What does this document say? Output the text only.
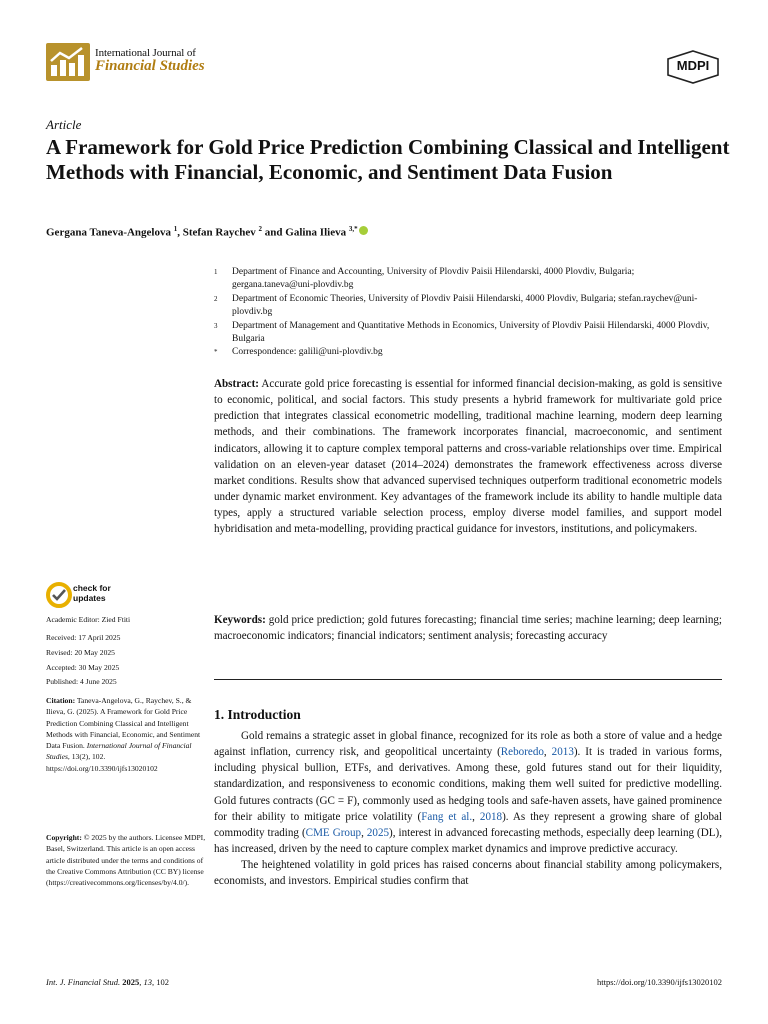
International Journal of
Financial Studies	MDPI
Article
A Framework for Gold Price Prediction Combining Classical and Intelligent Methods with Financial, Economic, and Sentiment Data Fusion
Gergana Taneva-Angelova $^1$, Stefan Raychev $^2$ and Galina Ilieva $^{3,*}$
1 Department of Finance and Accounting, University of Plovdiv Paisii Hilendarski, 4000 Plovdiv, Bulgaria; gergana.taneva@uni-plovdiv.bg
2 Department of Economic Theories, University of Plovdiv Paisii Hilendarski, 4000 Plovdiv, Bulgaria; stefan.raychev@uni-plovdiv.bg
3 Department of Management and Quantitative Methods in Economics, University of Plovdiv Paisii Hilendarski, 4000 Plovdiv, Bulgaria
* Correspondence: galili@uni-plovdiv.bg
Abstract: Accurate gold price forecasting is essential for informed financial decision-making, as gold is sensitive to economic, political, and social factors. This study presents a hybrid framework for multivariate gold price prediction that integrates classical econometric modelling, traditional machine learning, modern deep learning methods, and their combinations. The framework incorporates financial, macroeconomic, and sentiment indicators, allowing it to capture complex temporal patterns and cross-variable relationships over time. Empirical validation on an eleven-year dataset (2014–2024) demonstrates the framework effectiveness across diverse market conditions. Results show that advanced supervised techniques outperform traditional econometric models under dynamic market environment. Key advantages of the framework include its ability to handle multiple data types, apply a structured variable selection process, employ diverse model families, and support model hybridisation and meta-modelling, providing practical guidance for investors, institutions, and policymakers.
Keywords: gold price prediction; gold futures forecasting; financial time series; machine learning; deep learning; macroeconomic indicators; financial indicators; sentiment analysis; forecasting accuracy
check for
updates
Academic Editor: Zied Ftiti
Received: 17 April 2025
Revised: 20 May 2025
Accepted: 30 May 2025
Published: 4 June 2025
Citation: Taneva-Angelova, G., Raychev, S., & Ilieva, G. (2025). A Framework for Gold Price Prediction Combining Classical and Intelligent Methods with Financial, Economic, and Sentiment Data Fusion. International Journal of Financial Studies, 13(2), 102. https://doi.org/10.3390/ijfs13020102
Copyright: © 2025 by the authors. Licensee MDPI, Basel, Switzerland. This article is an open access article distributed under the terms and conditions of the Creative Commons Attribution (CC BY) license (https://creativecommons.org/licenses/by/4.0/).
1. Introduction

Gold remains a strategic asset in global finance, recognized for its role as both a store of value and a hedge against inflation, currency risk, and geopolitical uncertainty (Reboredo, 2013). It is traded in various forms, including physical bullion, ETFs, and derivatives. Among these, gold futures stand out for their liquidity, standardization, and responsiveness to economic conditions, making them well suited for predictive modelling. Gold futures contracts (GC = F), commonly used as hedging tools and safe-haven assets, have gained prominence for their ability to mitigate price volatility (Fang et al., 2018). As they represent a growing share of global commodity trading (CME Group, 2025), interest in advanced forecasting methods, especially deep learning (DL), has increased, driven by the need to capture complex market dynamics and improve predictive accuracy.

The heightened volatility in gold prices has raised concerns about financial stability among policymakers, economists, and investors. Empirical studies confirm that

Int. J. Financial Stud. 2025, 13, 102	https://doi.org/10.3390/ijfs13020102
